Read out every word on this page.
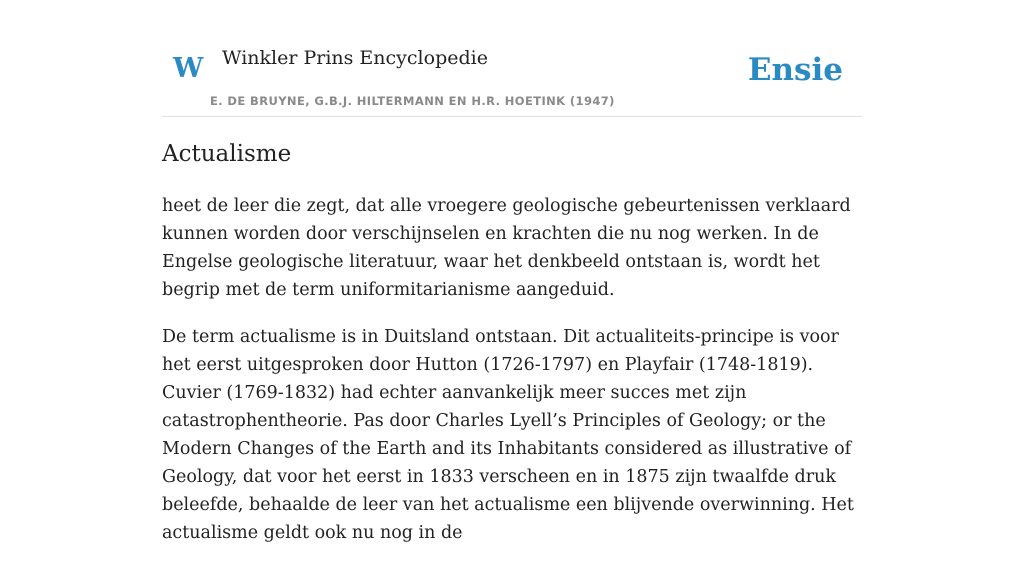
W Winkler Prins Encyclopedie
E. DE BRUYNE, G.B.J. HILTERMANN EN H.R. HOETINK (1947)
Ensie
Actualisme

heet de leer die zegt, dat alle vroegere geologische gebeurtenissen verklaard kunnen worden door verschijnselen en krachten die nu nog werken. In de Engelse geologische literatuur, waar het denkbeeld ontstaan is, wordt het begrip met de term uniformitarianisme aangeduid.

De term actualisme is in Duitsland ontstaan. Dit actualiteits-principe is voor het eerst uitgesproken door Hutton (1726-1797) en Playfair (1748-1819). Cuvier (1769-1832) had echter aanvankelijk meer succes met zijn catastrophentheorie. Pas door Charles Lyell’s Principles of Geology; or the Modern Changes of the Earth and its Inhabitants considered as illustrative of Geology, dat voor het eerst in 1833 verscheen en in 1875 zijn twaalfde druk beleefde, behaalde de leer van het actualisme een blijvende overwinning. Het actualisme geldt ook nu nog in de
